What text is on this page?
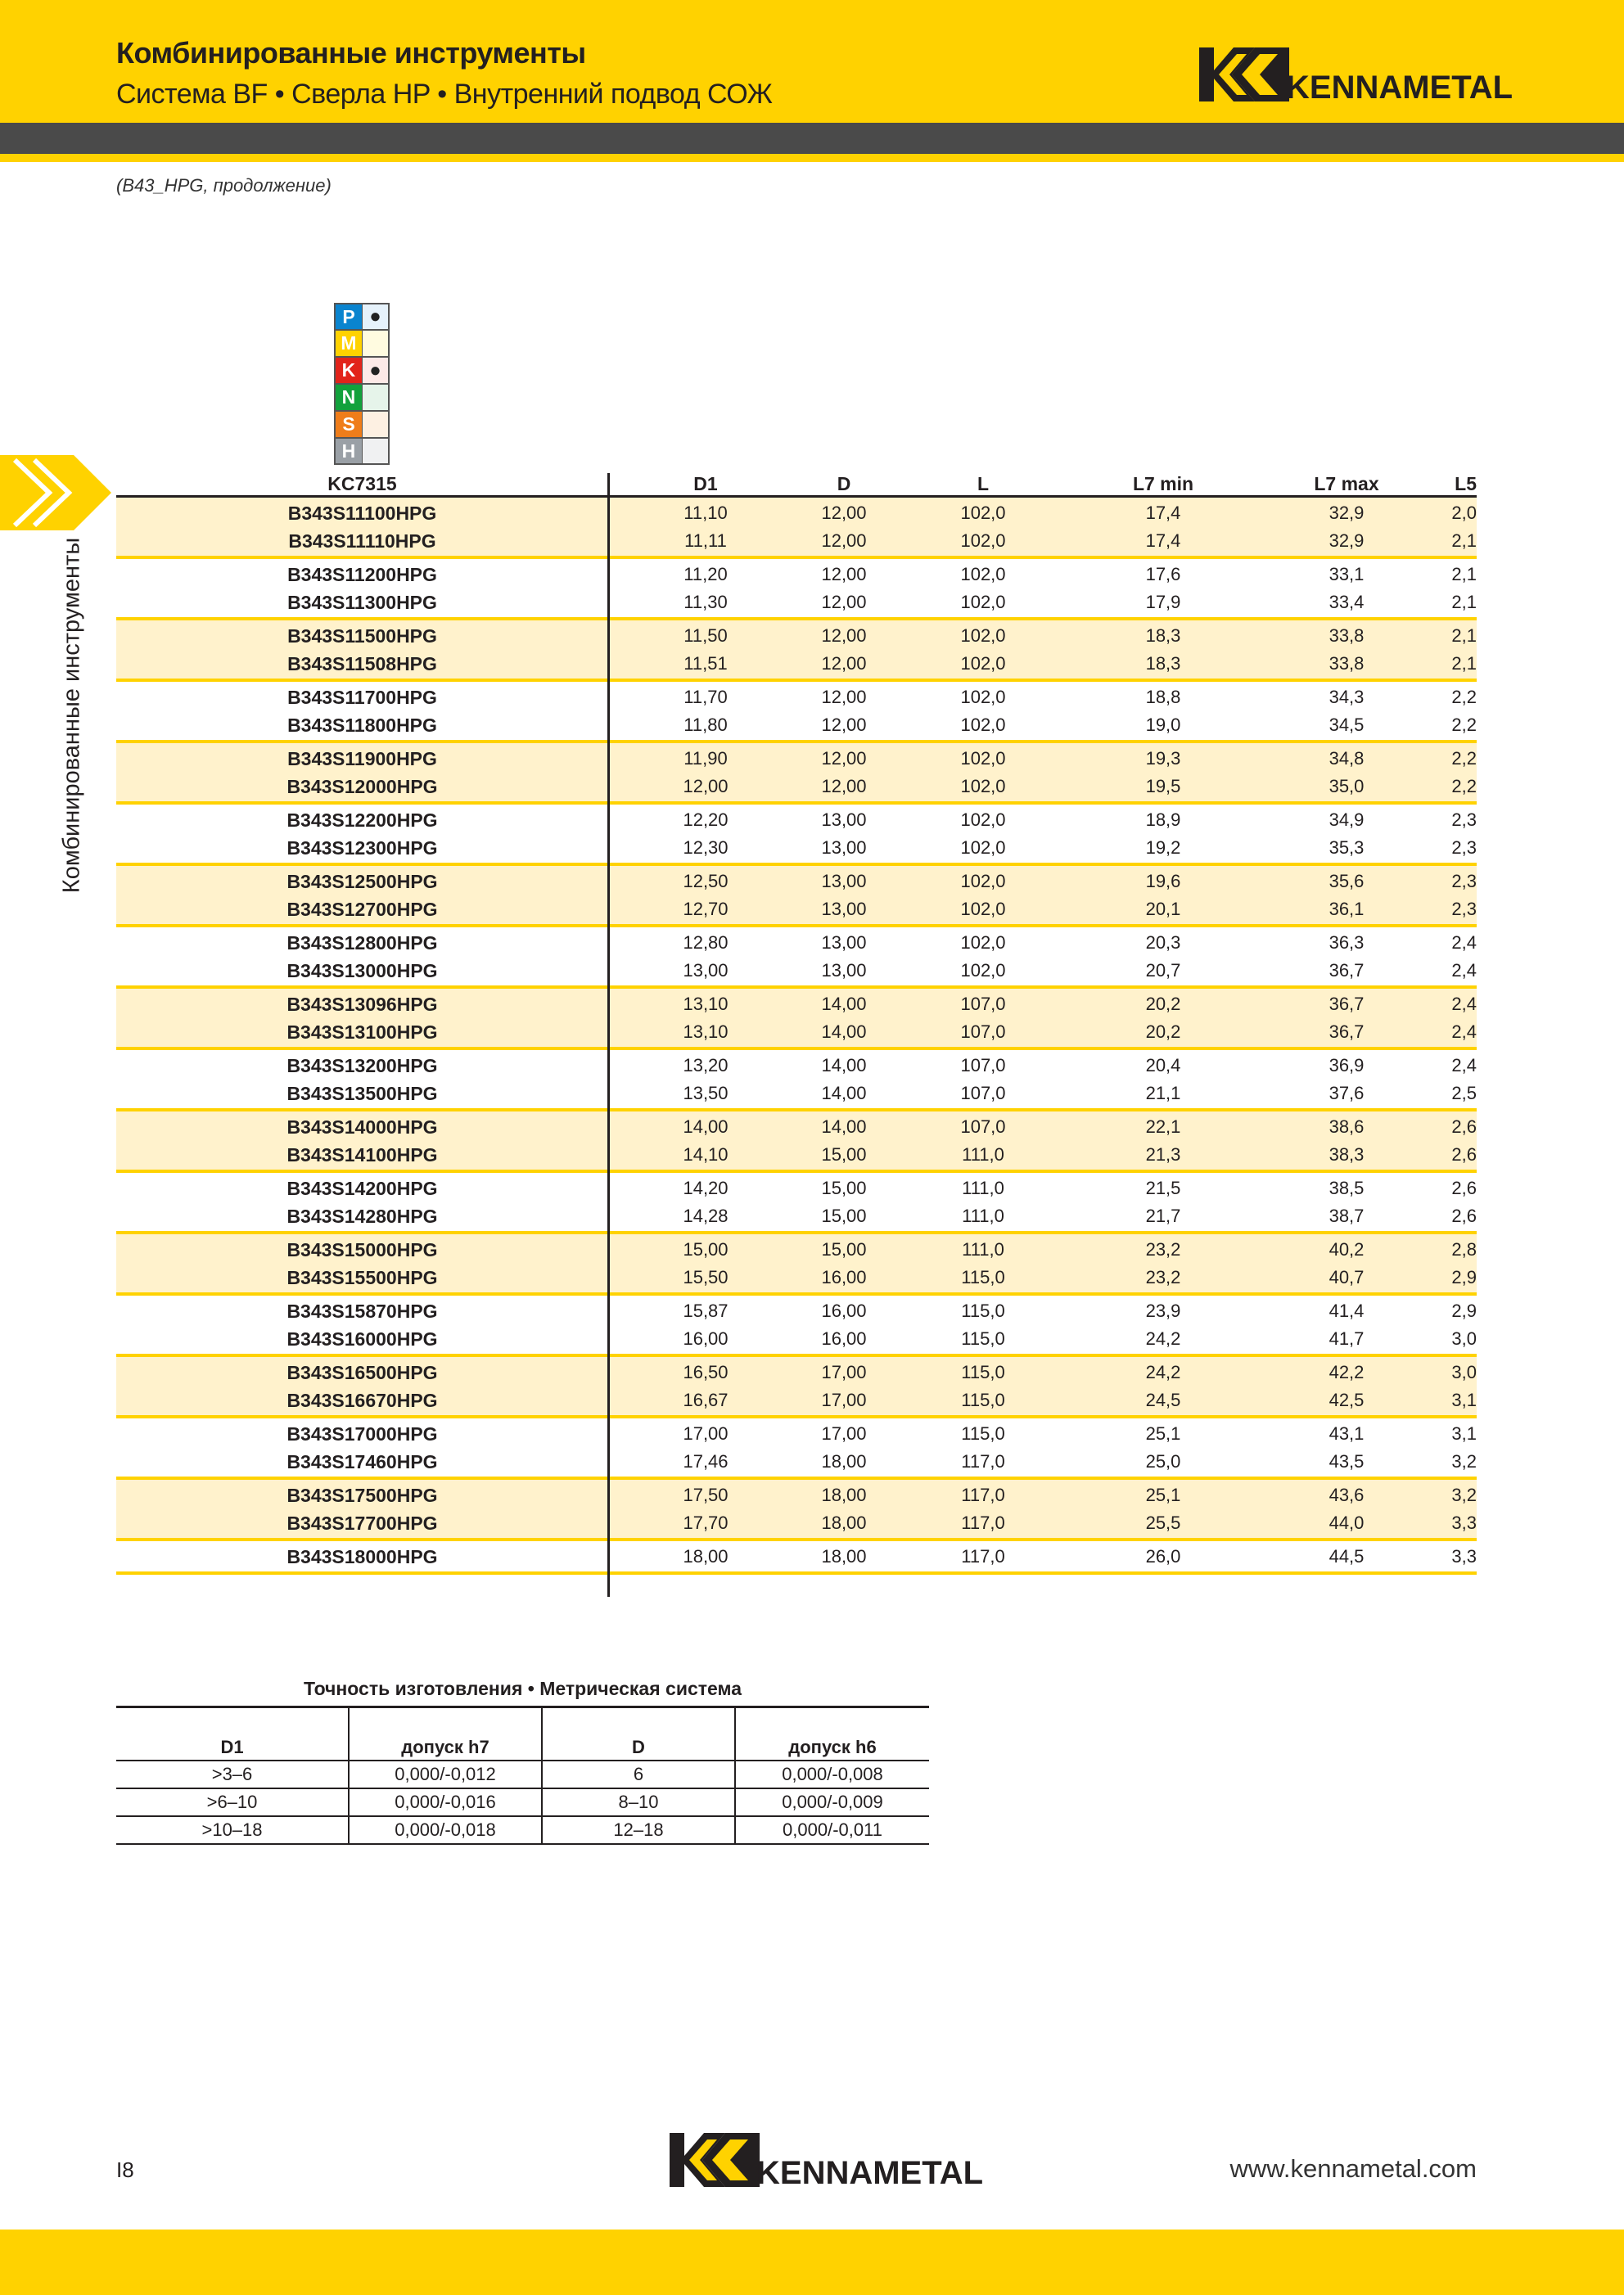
Комбинированные инструменты
Система BF • Сверла HP • Внутренний подвод СОЖ	KENNAMETAL
(B43_HPG, продолжение)
Комбинированные инструменты
P ●
M
K ●
N
S
H
KC7315	D1	D	L	L7 min	L7 max	L5
B343S11100HPG	11,10	12,00	102,0	17,4	32,9	2,0
B343S11110HPG	11,11	12,00	102,0	17,4	32,9	2,1
B343S11200HPG	11,20	12,00	102,0	17,6	33,1	2,1
B343S11300HPG	11,30	12,00	102,0	17,9	33,4	2,1
B343S11500HPG	11,50	12,00	102,0	18,3	33,8	2,1
B343S11508HPG	11,51	12,00	102,0	18,3	33,8	2,1
B343S11700HPG	11,70	12,00	102,0	18,8	34,3	2,2
B343S11800HPG	11,80	12,00	102,0	19,0	34,5	2,2
B343S11900HPG	11,90	12,00	102,0	19,3	34,8	2,2
B343S12000HPG	12,00	12,00	102,0	19,5	35,0	2,2
B343S12200HPG	12,20	13,00	102,0	18,9	34,9	2,3
B343S12300HPG	12,30	13,00	102,0	19,2	35,3	2,3
B343S12500HPG	12,50	13,00	102,0	19,6	35,6	2,3
B343S12700HPG	12,70	13,00	102,0	20,1	36,1	2,3
B343S12800HPG	12,80	13,00	102,0	20,3	36,3	2,4
B343S13000HPG	13,00	13,00	102,0	20,7	36,7	2,4
B343S13096HPG	13,10	14,00	107,0	20,2	36,7	2,4
B343S13100HPG	13,10	14,00	107,0	20,2	36,7	2,4
B343S13200HPG	13,20	14,00	107,0	20,4	36,9	2,4
B343S13500HPG	13,50	14,00	107,0	21,1	37,6	2,5
B343S14000HPG	14,00	14,00	107,0	22,1	38,6	2,6
B343S14100HPG	14,10	15,00	111,0	21,3	38,3	2,6
B343S14200HPG	14,20	15,00	111,0	21,5	38,5	2,6
B343S14280HPG	14,28	15,00	111,0	21,7	38,7	2,6
B343S15000HPG	15,00	15,00	111,0	23,2	40,2	2,8
B343S15500HPG	15,50	16,00	115,0	23,2	40,7	2,9
B343S15870HPG	15,87	16,00	115,0	23,9	41,4	2,9
B343S16000HPG	16,00	16,00	115,0	24,2	41,7	3,0
B343S16500HPG	16,50	17,00	115,0	24,2	42,2	3,0
B343S16670HPG	16,67	17,00	115,0	24,5	42,5	3,1
B343S17000HPG	17,00	17,00	115,0	25,1	43,1	3,1
B343S17460HPG	17,46	18,00	117,0	25,0	43,5	3,2
B343S17500HPG	17,50	18,00	117,0	25,1	43,6	3,2
B343S17700HPG	17,70	18,00	117,0	25,5	44,0	3,3
B343S18000HPG	18,00	18,00	117,0	26,0	44,5	3,3
Точность изготовления • Метрическая система
D1	допуск h7	D	допуск h6
>3–6	0,000/-0,012	6	0,000/-0,008
>6–10	0,000/-0,016	8–10	0,000/-0,009
>10–18	0,000/-0,018	12–18	0,000/-0,011
I8	KENNAMETAL	www.kennametal.com
